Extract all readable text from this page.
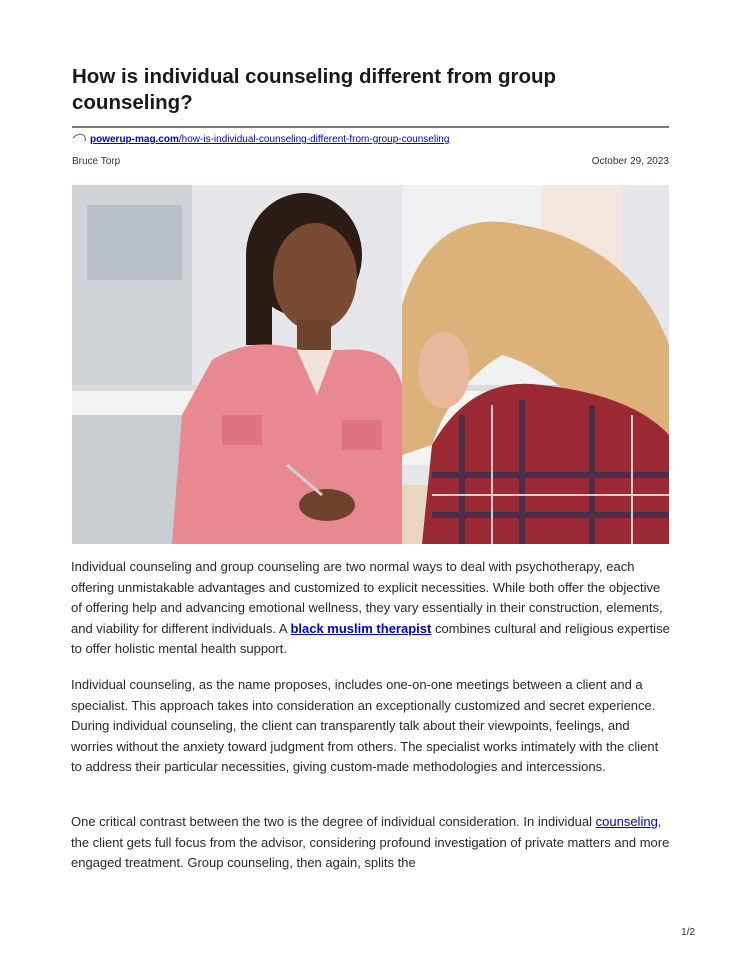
How is individual counseling different from group counseling?
powerup-mag.com/how-is-individual-counseling-different-from-group-counseling
Bruce Torp	October 29, 2023

Individual counseling and group counseling are two normal ways to deal with psychotherapy, each offering unmistakable advantages and customized to explicit necessities. While both offer the objective of offering help and advancing emotional wellness, they vary essentially in their construction, elements, and viability for different individuals. A black muslim therapist combines cultural and religious expertise to offer holistic mental health support.

Individual counseling, as the name proposes, includes one-on-one meetings between a client and a specialist. This approach takes into consideration an exceptionally customized and secret experience. During individual counseling, the client can transparently talk about their viewpoints, feelings, and worries without the anxiety toward judgment from others. The specialist works intimately with the client to address their particular necessities, giving custom-made methodologies and intercessions.

One critical contrast between the two is the degree of individual consideration. In individual counseling, the client gets full focus from the advisor, considering profound investigation of private matters and more engaged treatment. Group counseling, then again, splits the

1/2
